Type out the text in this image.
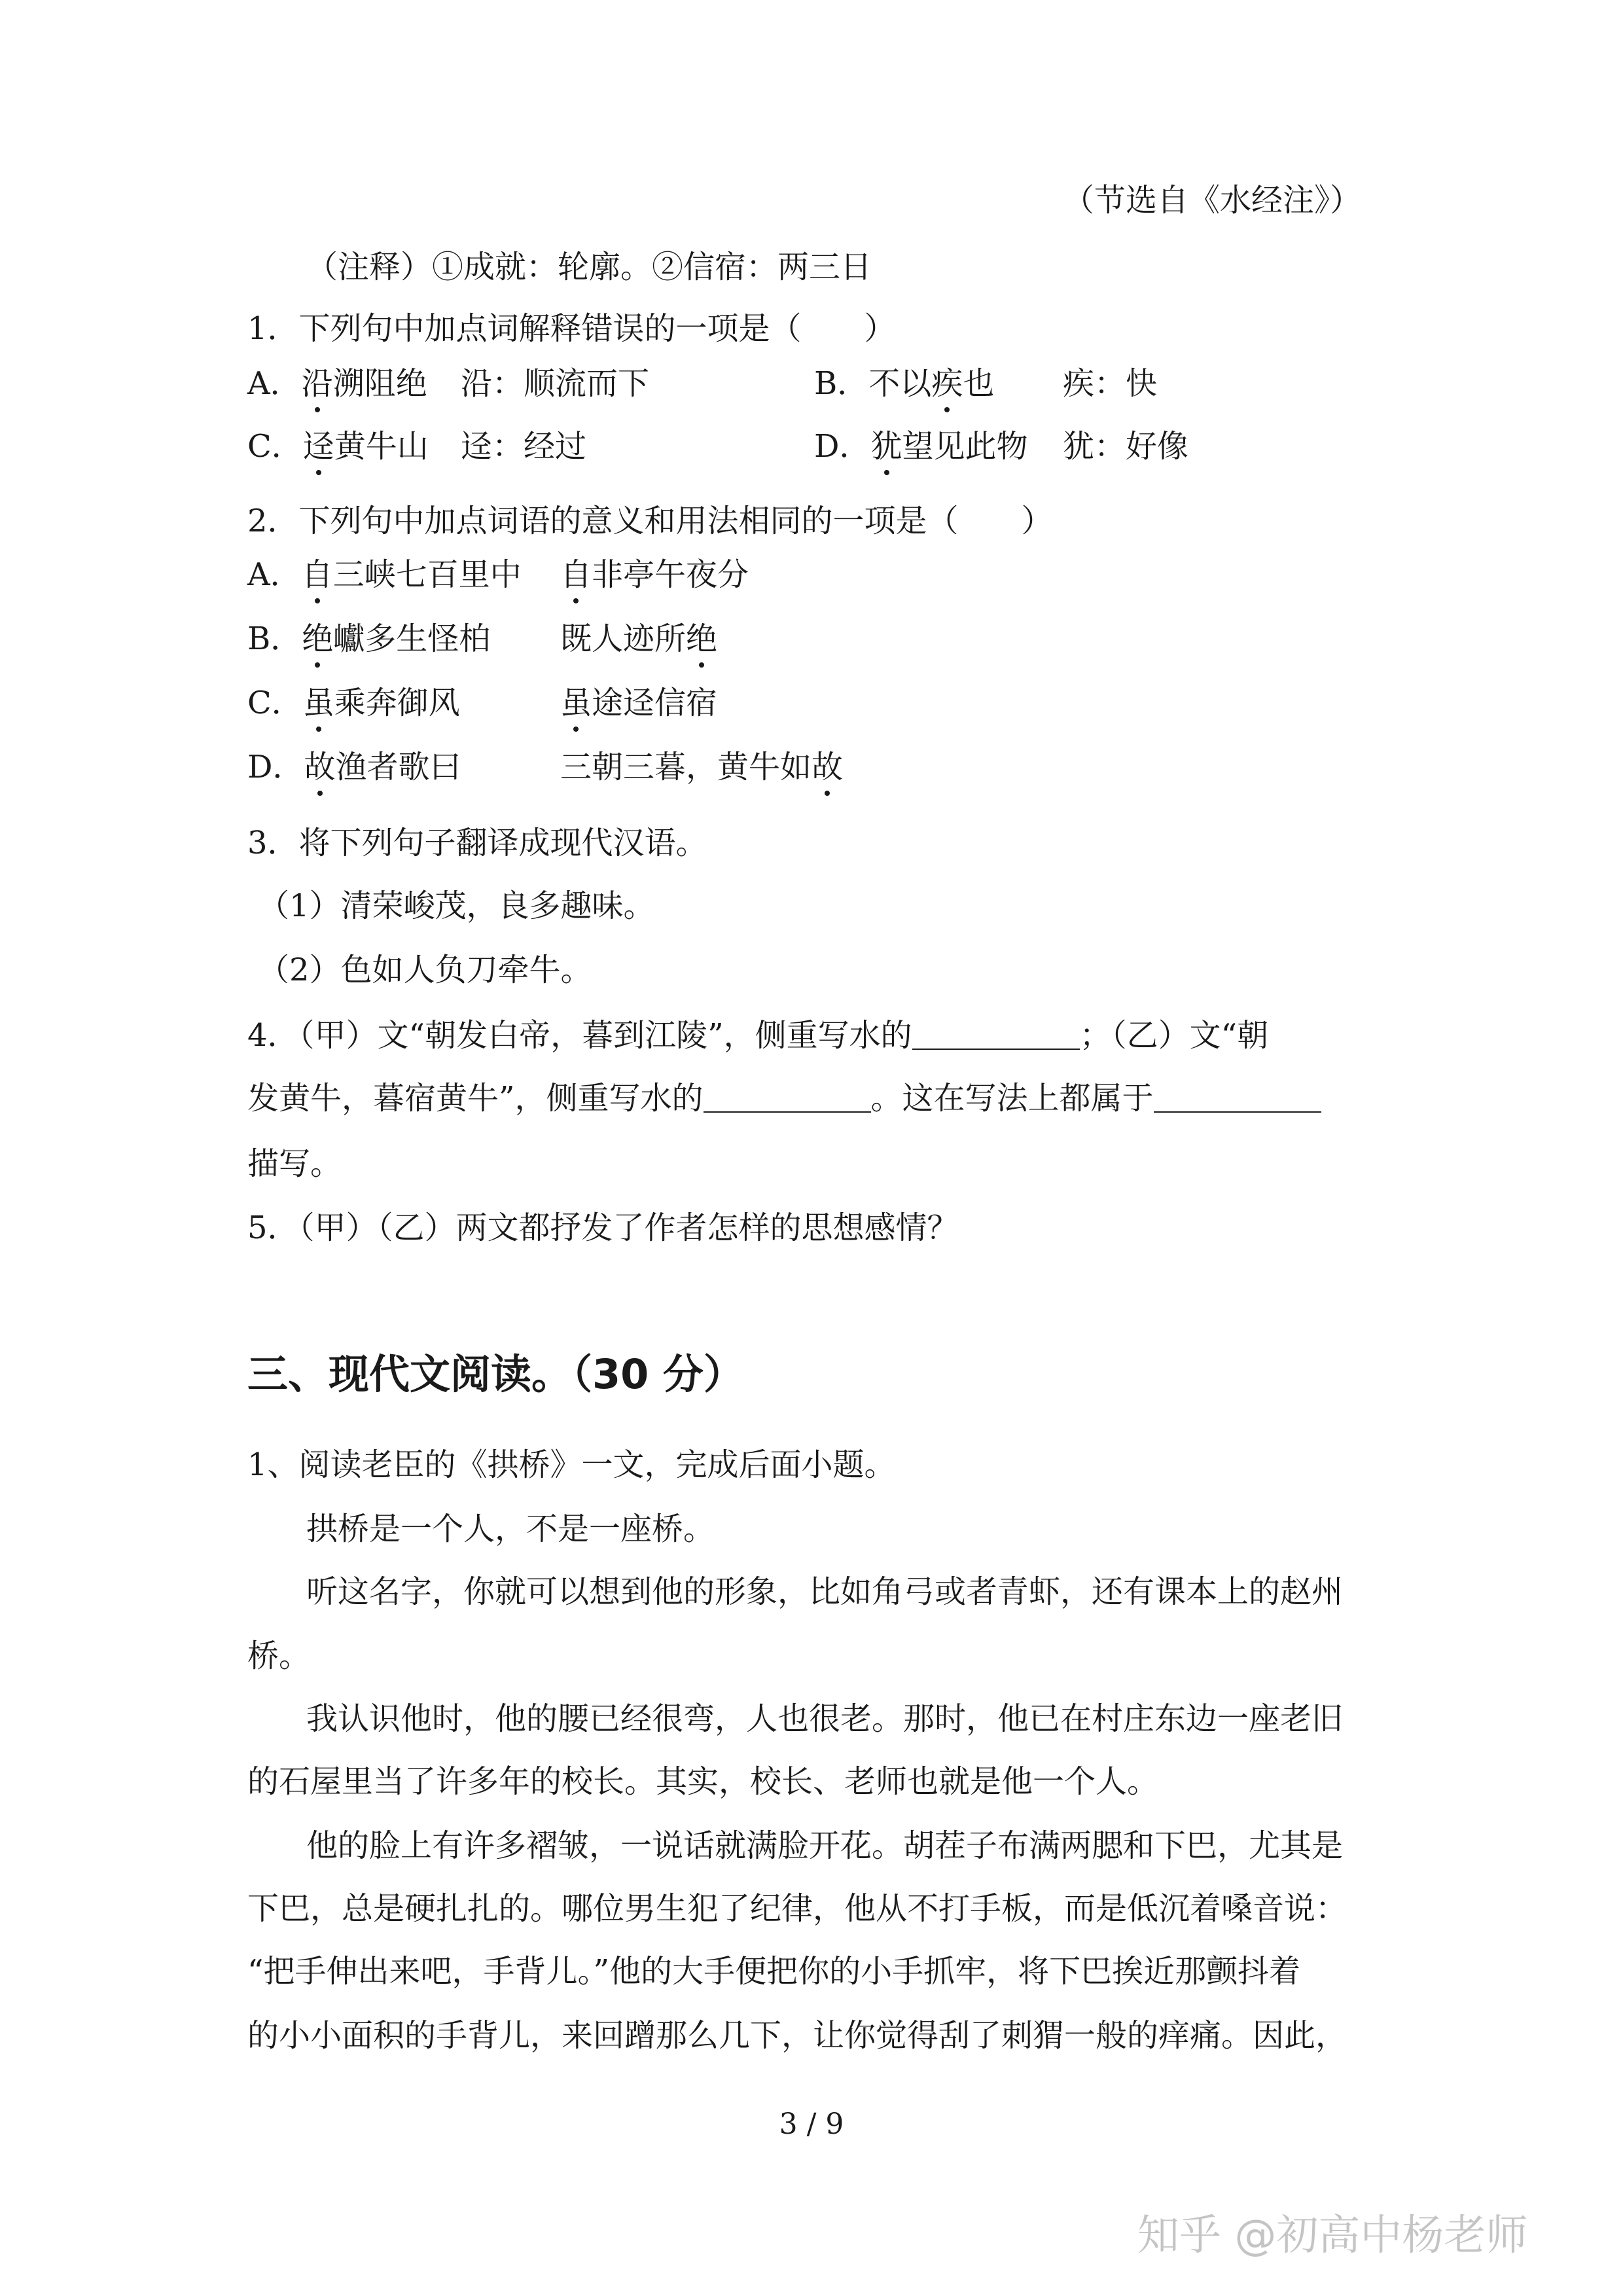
（节选自《水经注》）
（注释）①成就：轮廓。②信宿：两三日
1．下列句中加点词解释错误的一项是（　　）
A．沿溯阻绝 沿：顺流而下	B．不以疾也 疾：快
C．迳黄牛山 迳：经过	D．犹望见此物 犹：好像
2．下列句中加点词语的意义和用法相同的一项是（　　）
A．自三峡七百里中 自非亭午夜分
B．绝巘多生怪柏 既人迹所绝
C．虽乘奔御风	虽途迳信宿
D．故渔者歌曰	三朝三暮，黄牛如故
3．将下列句子翻译成现代汉语。
（1）清荣峻茂，良多趣味。
（2）色如人负刀牵牛。
4．（甲）文“朝发白帝，暮到江陵”，侧重写水的	；（乙）文“朝
发黄牛，暮宿黄牛”，侧重写水的	。这在写法上都属于
描写。
5．（甲）（乙）两文都抒发了作者怎样的思想感情？
三、现代文阅读。（30 分）
1、阅读老臣的《拱桥》一文，完成后面小题。
拱桥是一个人，不是一座桥。
听这名字，你就可以想到他的形象，比如角弓或者青虾，还有课本上的赵州
桥。
我认识他时，他的腰已经很弯，人也很老。那时，他已在村庄东边一座老旧
的石屋里当了许多年的校长。其实，校长、老师也就是他一个人。
他的脸上有许多褶皱，一说话就满脸开花。胡茬子布满两腮和下巴，尤其是
下巴，总是硬扎扎的。哪位男生犯了纪律，他从不打手板，而是低沉着嗓音说：
“把手伸出来吧，手背儿。”他的大手便把你的小手抓牢，将下巴挨近那颤抖着
的小小面积的手背儿，来回蹭那么几下，让你觉得刮了刺猬一般的痒痛。因此，
3 / 9
知乎 @初高中杨老师
